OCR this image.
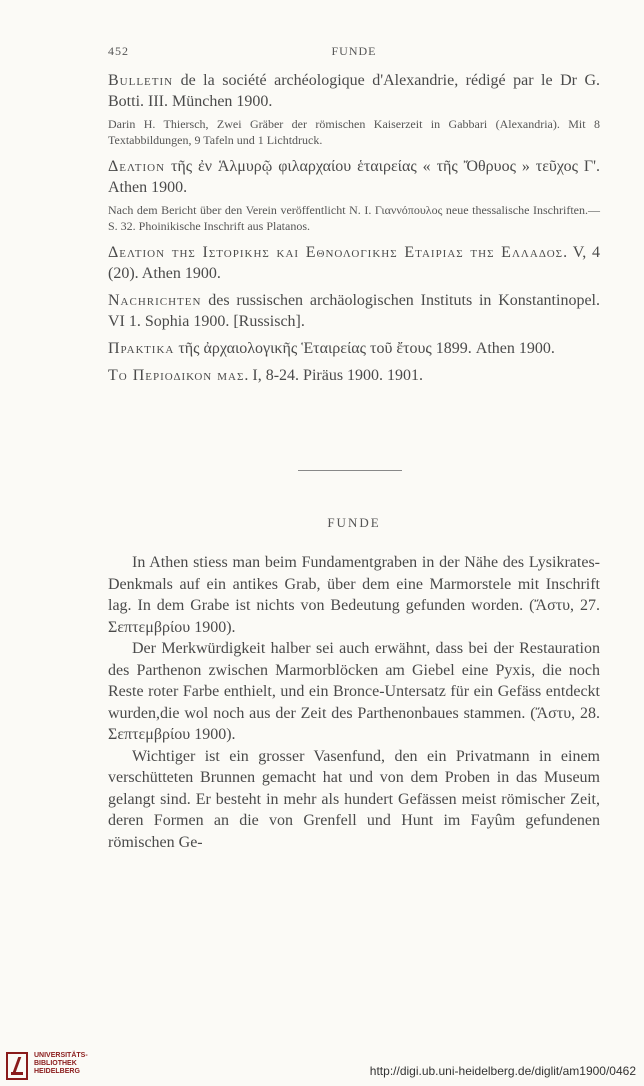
452	FUNDE

Bulletin de la société archéologique d'Alexandrie, rédigé par le Dr G. Botti. III. München 1900.

Darin H. Thiersch, Zwei Gräber der römischen Kaiserzeit in Gabbari (Alexandria). Mit 8 Textabbildungen, 9 Tafeln und 1 Lichtdruck.

Δελτιον τῆς ἐν Ἁλμυρῷ φιλαρχαίου ἑταιρείας « τῆς Ὄθρυος » τεῦχος Γ'. Athen 1900.

Nach dem Bericht über den Verein veröffentlicht N. I. Γιαννόπουλος neue thessalische Inschriften.— S. 32. Phoinikische Inschrift aus Platanos.

Δελτιον της Ιστορικης και Εθνολογικης Εταιριας της Ελλαδος. V, 4 (20). Athen 1900.

Nachrichten des russischen archäologischen Instituts in Konstantinopel. VI 1. Sophia 1900. [Russisch].

Πρακτικα τῆς ἀρχαιολογικῆς Ἑταιρείας τοῦ ἔτους 1899. Athen 1900.

Το Περιοδικον μας. I, 8-24. Piräus 1900. 1901.

FUNDE

In Athen stiess man beim Fundamentgraben in der Nähe des Lysikrates-Denkmals auf ein antikes Grab, über dem eine Marmorstele mit Inschrift lag. In dem Grabe ist nichts von Bedeutung gefunden worden. (Ἄστυ, 27. Σεπτεμβρίου 1900).

Der Merkwürdigkeit halber sei auch erwähnt, dass bei der Restauration des Parthenon zwischen Marmorblöcken am Giebel eine Pyxis, die noch Reste roter Farbe enthielt, und ein Bronce-Untersatz für ein Gefäss entdeckt wurden,die wol noch aus der Zeit des Parthenonbaues stammen. (Ἄστυ, 28. Σεπτεμβρίου 1900).

Wichtiger ist ein grosser Vasenfund, den ein Privatmann in einem verschütteten Brunnen gemacht hat und von dem Proben in das Museum gelangt sind. Er besteht in mehr als hundert Gefässen meist römischer Zeit, deren Formen an die von Grenfell und Hunt im Fayûm gefundenen römischen Ge-

UNIVERSITÄTS-
BIBLIOTHEK
HEIDELBERG	http://digi.ub.uni-heidelberg.de/diglit/am1900/0462
